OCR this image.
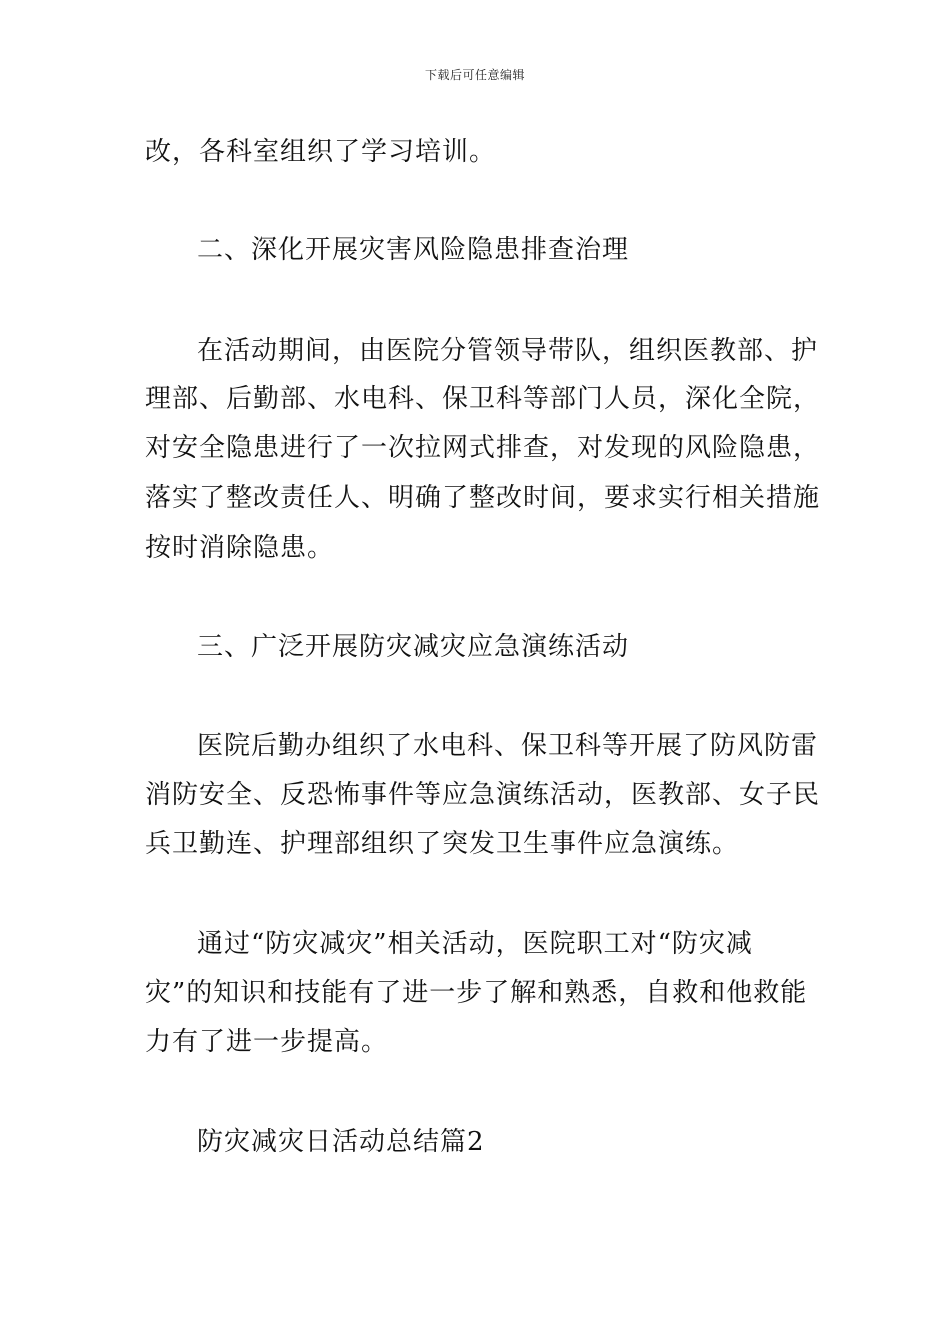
下载后可任意编辑
改，各科室组织了学习培训。
二、深化开展灾害风险隐患排查治理
在活动期间，由医院分管领导带队，组织医教部、护
理部、后勤部、水电科、保卫科等部门人员，深化全院，
对安全隐患进行了一次拉网式排查，对发现的风险隐患，
落实了整改责任人、明确了整改时间，要求实行相关措施
按时消除隐患。
三、广泛开展防灾减灾应急演练活动
医院后勤办组织了水电科、保卫科等开展了防风防雷
消防安全、反恐怖事件等应急演练活动，医教部、女子民
兵卫勤连、护理部组织了突发卫生事件应急演练。
通过“防灾减灾”相关活动，医院职工对“防灾减
灾”的知识和技能有了进一步了解和熟悉，自救和他救能
力有了进一步提高。
防灾减灾日活动总结篇2
